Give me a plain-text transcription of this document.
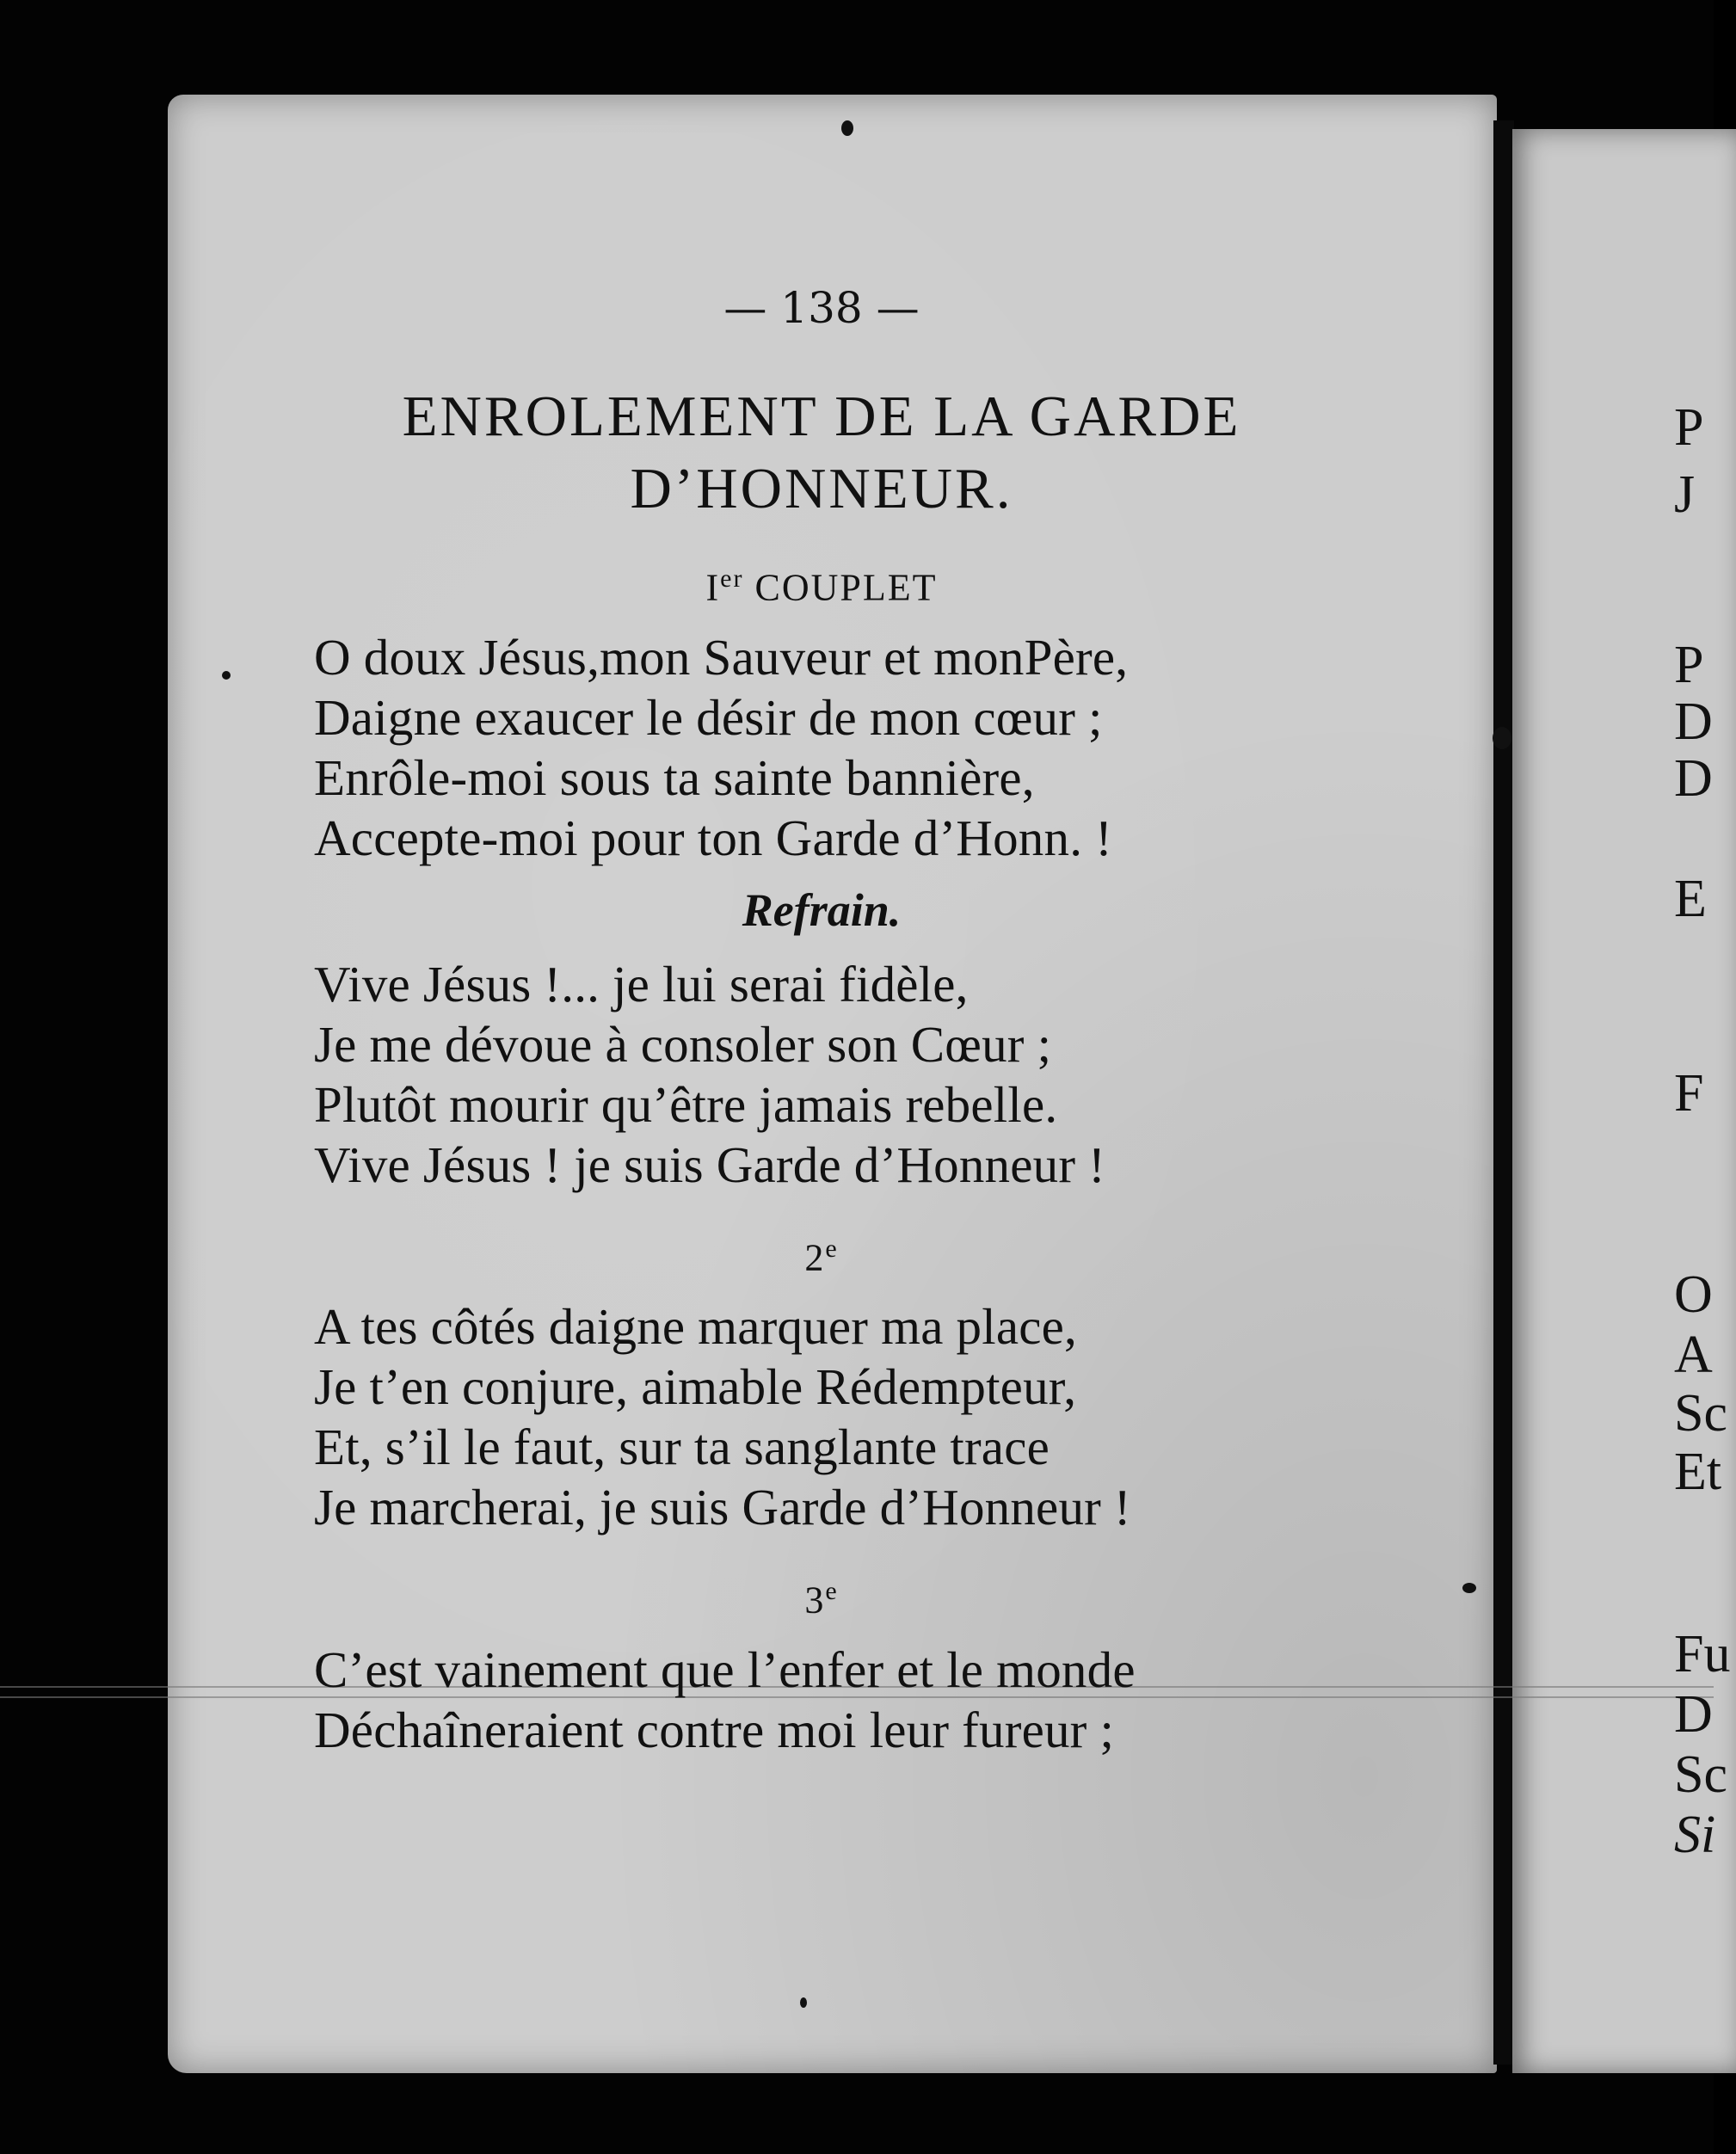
— 138 —
ENROLEMENT DE LA GARDE
D’HONNEUR.
Ier COUPLET
O doux Jésus,mon Sauveur et monPère,
Daigne exaucer le désir de mon cœur ;
Enrôle-moi sous ta sainte bannière,
Accepte-moi pour ton Garde d’Honn. !
Refrain.
Vive Jésus !... je lui serai fidèle,
Je me dévoue à consoler son Cœur ;
Plutôt mourir qu’être jamais rebelle.
Vive Jésus ! je suis Garde d’Honneur !
2e
A tes côtés daigne marquer ma place,
Je t’en conjure, aimable Rédempteur,
Et, s’il le faut, sur ta sanglante trace
Je marcherai, je suis Garde d’Honneur !
3e
C’est vainement que l’enfer et le monde
Déchaîneraient contre moi leur fureur ;
P
J
P
D
D
E
F
O
A
Sc
Et
Fu
D
Sc
Si
